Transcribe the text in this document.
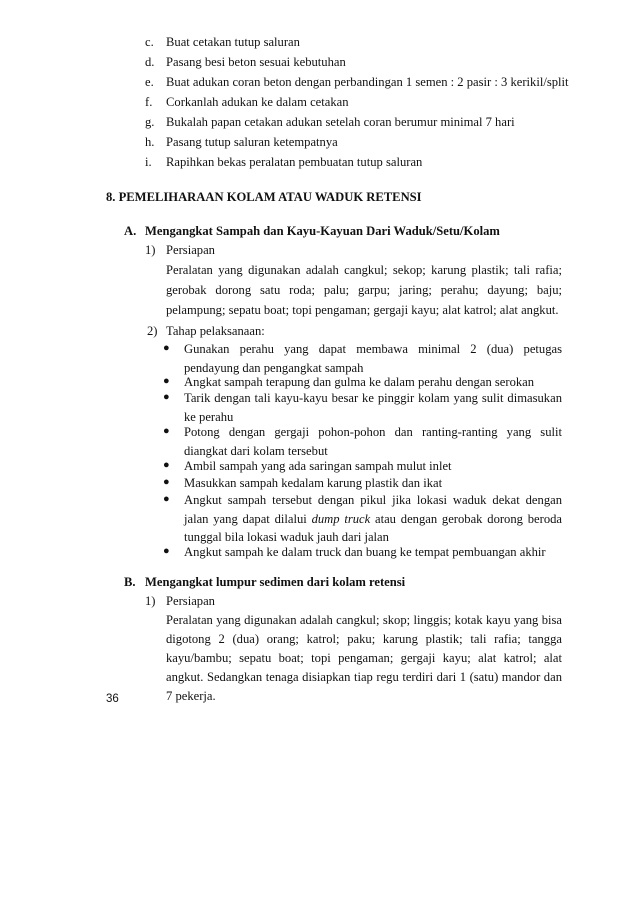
c. Buat cetakan tutup saluran
d. Pasang besi beton sesuai kebutuhan
e. Buat adukan coran beton dengan perbandingan 1 semen : 2 pasir : 3 kerikil/split
f. Corkanlah adukan ke dalam cetakan
g. Bukalah papan cetakan adukan setelah coran berumur minimal 7 hari
h. Pasang tutup saluran ketempatnya
i. Rapihkan bekas peralatan pembuatan tutup saluran
8. PEMELIHARAAN KOLAM ATAU WADUK RETENSI
A. Mengangkat Sampah dan Kayu-Kayuan Dari Waduk/Setu/Kolam
1) Persiapan
Peralatan yang digunakan adalah cangkul; sekop; karung plastik; tali rafia; gerobak dorong satu roda; palu; garpu; jaring; perahu; dayung; baju; pelampung; sepatu boat; topi pengaman; gergaji kayu; alat katrol; alat angkut.
2) Tahap pelaksanaan:
● Gunakan perahu yang dapat membawa minimal 2 (dua) petugas pendayung dan pengangkat sampah
● Angkat sampah terapung dan gulma ke dalam perahu dengan serokan
● Tarik dengan tali kayu-kayu besar ke pinggir kolam yang sulit dimasukan ke perahu
● Potong dengan gergaji pohon-pohon dan ranting-ranting yang sulit diangkat dari kolam tersebut
● Ambil sampah yang ada saringan sampah mulut inlet
● Masukkan sampah kedalam karung plastik dan ikat
● Angkut sampah tersebut dengan pikul jika lokasi waduk dekat dengan jalan yang dapat dilalui dump truck atau dengan gerobak dorong beroda tunggal bila lokasi waduk jauh dari jalan
● Angkut sampah ke dalam truck dan buang ke tempat pembuangan akhir
B. Mengangkat lumpur sedimen dari kolam retensi
1) Persiapan
Peralatan yang digunakan adalah cangkul; skop; linggis; kotak kayu yang bisa digotong 2 (dua) orang; katrol; paku; karung plastik; tali rafia; tangga kayu/bambu; sepatu boat; topi pengaman; gergaji kayu; alat katrol; alat angkut. Sedangkan tenaga disiapkan tiap regu terdiri dari 1 (satu) mandor dan 7 pekerja.
36
